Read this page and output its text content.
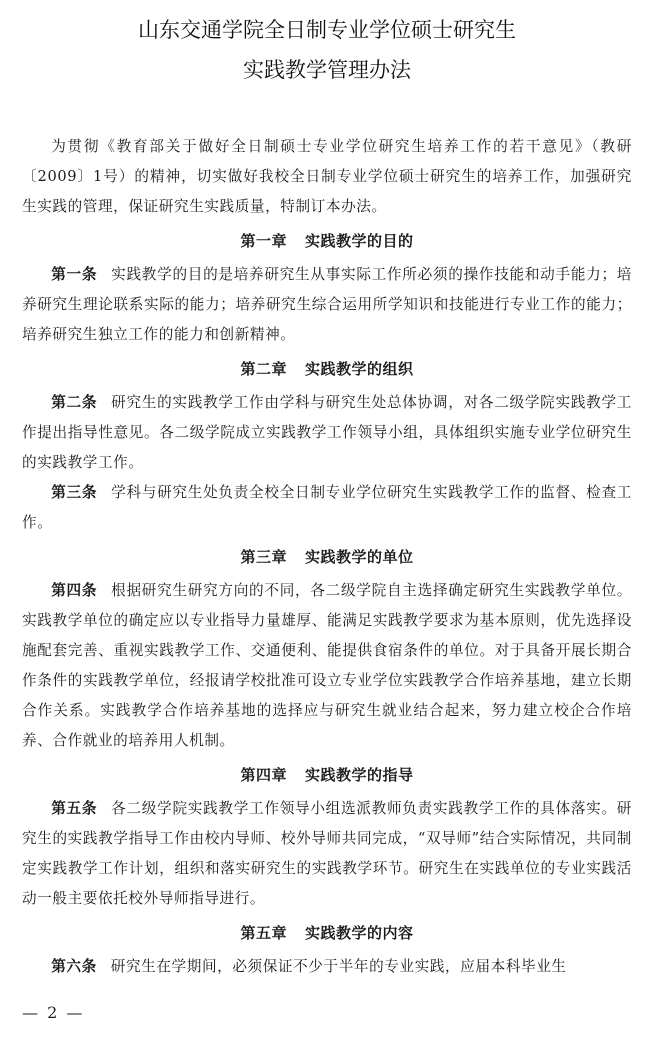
山东交通学院全日制专业学位硕士研究生
实践教学管理办法

为贯彻《教育部关于做好全日制硕士专业学位研究生培养工作的若干意见》（教研〔2009〕1号）的精神，切实做好我校全日制专业学位硕士研究生的培养工作，加强研究生实践的管理，保证研究生实践质量，特制订本办法。

第一章 实践教学的目的

第一条 实践教学的目的是培养研究生从事实际工作所必须的操作技能和动手能力；培养研究生理论联系实际的能力；培养研究生综合运用所学知识和技能进行专业工作的能力；培养研究生独立工作的能力和创新精神。

第二章 实践教学的组织

第二条 研究生的实践教学工作由学科与研究生处总体协调，对各二级学院实践教学工作提出指导性意见。各二级学院成立实践教学工作领导小组，具体组织实施专业学位研究生的实践教学工作。

第三条 学科与研究生处负责全校全日制专业学位研究生实践教学工作的监督、检查工作。

第三章 实践教学的单位

第四条 根据研究生研究方向的不同，各二级学院自主选择确定研究生实践教学单位。实践教学单位的确定应以专业指导力量雄厚、能满足实践教学要求为基本原则，优先选择设施配套完善、重视实践教学工作、交通便利、能提供食宿条件的单位。对于具备开展长期合作条件的实践教学单位，经报请学校批准可设立专业学位实践教学合作培养基地，建立长期合作关系。实践教学合作培养基地的选择应与研究生就业结合起来，努力建立校企合作培养、合作就业的培养用人机制。

第四章 实践教学的指导

第五条 各二级学院实践教学工作领导小组选派教师负责实践教学工作的具体落实。研究生的实践教学指导工作由校内导师、校外导师共同完成，“双导师”结合实际情况，共同制定实践教学工作计划，组织和落实研究生的实践教学环节。研究生在实践单位的专业实践活动一般主要依托校外导师指导进行。

第五章 实践教学的内容

第六条 研究生在学期间，必须保证不少于半年的专业实践，应届本科毕业生

— 2 —
